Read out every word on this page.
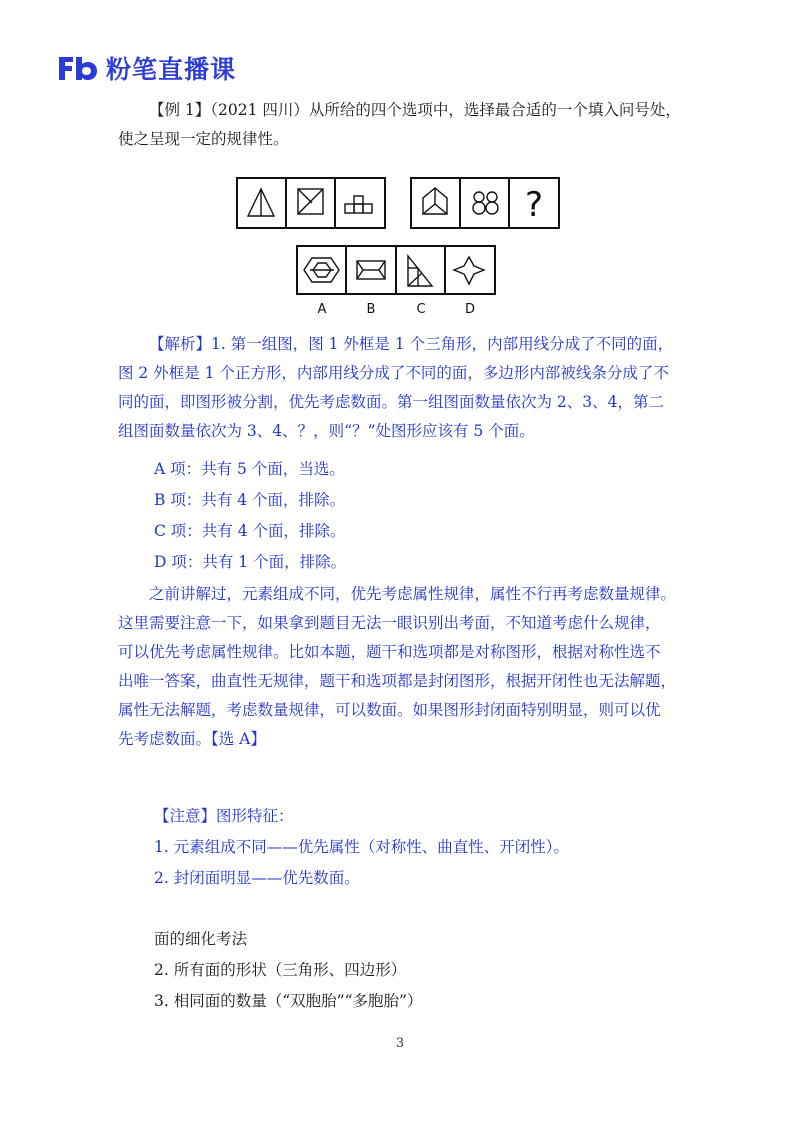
粉笔直播课

【例 1】（2021 四川）从所给的四个选项中，选择最合适的一个填入问号处，
使之呈现一定的规律性。

?
A	B	C	D

【解析】1. 第一组图，图 1 外框是 1 个三角形，内部用线分成了不同的面，
图 2 外框是 1 个正方形，内部用线分成了不同的面，多边形内部被线条分成了不
同的面，即图形被分割，优先考虑数面。第一组图面数量依次为 2、3、4，第二
组图面数量依次为 3、4、？，则“？”处图形应该有 5 个面。

A 项：共有 5 个面，当选。

B 项：共有 4 个面，排除。

C 项：共有 4 个面，排除。

D 项：共有 1 个面，排除。

之前讲解过，元素组成不同，优先考虑属性规律，属性不行再考虑数量规律。
这里需要注意一下，如果拿到题目无法一眼识别出考面，不知道考虑什么规律，
可以优先考虑属性规律。比如本题，题干和选项都是对称图形，根据对称性选不
出唯一答案，曲直性无规律，题干和选项都是封闭图形，根据开闭性也无法解题，
属性无法解题，考虑数量规律，可以数面。如果图形封闭面特别明显，则可以优
先考虑数面。【选 A】

【注意】图形特征：

1. 元素组成不同——优先属性（对称性、曲直性、开闭性）。

2. 封闭面明显——优先数面。

面的细化考法

2. 所有面的形状（三角形、四边形）

3. 相同面的数量（“双胞胎”“多胞胎”）

3
